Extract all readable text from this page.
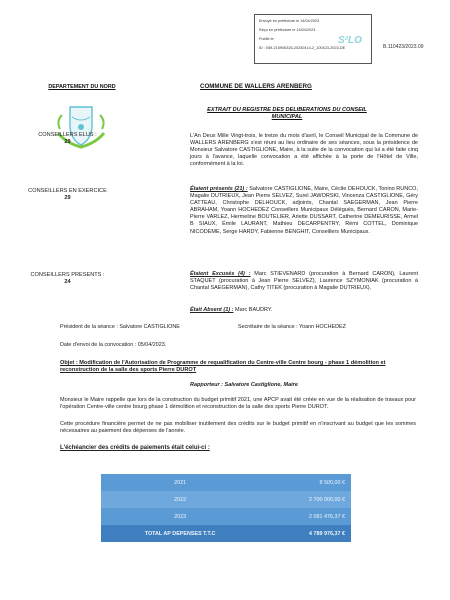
Envoyé en préfecture le 14/04/2023
Reçu en préfecture le 14/04/2023
Publié le
ID : 059-215906326-20230414-2_100423-2023-DE
S²LO
B.110423/2023.09
DEPARTEMENT DU NORD	COMMUNE DE WALLERS ARENBERG
EXTRAIT DU REGISTRE DES DELIBERATIONS DU CONSEIL MUNICIPAL
CONSEILLERS ELUS :
29
L'An Deux Mille Vingt-trois, le treize du mois d'avril, le Conseil Municipal de la Commune de WALLERS ARENBERG s'est réuni au lieu ordinaire de ses séances, sous la présidence de Monsieur Salvatore CASTIGLIONE, Maire, à la suite de la convocation qui lui a été faite cinq jours à l'avance, laquelle convocation a été affichée à la porte de l'Hôtel de Ville, conformément à la loi.
CONSEILLERS EN EXERCICE
29
Étaient présents (21) : Salvatore CASTIGLIONE, Maire, Cécile DEHOUCK, Tonino RUNCO, Magalie DUTRIEUX, Jean Pierre SELVEZ, Surel JAWORSKI, Vincenza CASTIGLIONE, Géry CATTEAU, Christophe DELHOUCK, adjoints, Chantal SAEGERMAN, Jean Pierre ABRAHAM, Yoann HOCHEDEZ Conseillers Municipaux Délégués, Bernard CARON, Marie-Pierre VARLEZ, Hermeline BOUTELIER, Arlette DUSSART, Catherine DEMEURISSE, Armel B SIAUX, Émile LAURANT, Mathieu DECARPENTRY, Rémi COTTEL, Dominique NICODEME, Serge HARDY, Fabienne BENGHIT, Conseillers Municipaux.
CONSEILLERS PRESENTS :
24
Étaient Excusés (4) : Marc STIEVENARD (procuration à Bernard CARON), Laurent STAQUET (procuration à Jean Pierre SELVEZ), Laurence SZYMONIAK (procuration à Chantal SAEGERMAN), Cathy TITEK (procuration à Magalie DUTRIEUX).
Était Absent (1) : Marc BAUDRY.
Président de la séance : Salvatore CASTIGLIONE	Secrétaire de la séance : Yoann HOCHEDEZ
Date d'envoi de la convocation : 05/04/2023.
Objet : Modification de l'Autorisation de Programme de requalification du Centre-ville Centre bourg - phase 1 démolition et reconstruction de la salle des sports Pierre DUROT
Rapporteur : Salvatore Castiglione, Maire
Monsieur le Maire rappelle que lors de la construction du budget primitif 2021, une APCP avait été créée en vue de la réalisation de travaux pour l'opération Centre-ville centre bourg phase 1 démolition et reconstruction de la salle des sports Pierre DUROT.
Cette procédure financière permet de ne pas mobiliser inutilement des crédits sur le budget primitif en n'inscrivant au budget que les sommes nécessaires au paiement des dépenses de l'année.
L'échéancier des crédits de paiements était celui-ci :
2021	8 500,00 €
2022	2 700 000,00 €
2023	2 081 476,37 €
TOTAL AP DEPENSES T.T.C	4 789 976,37 €
